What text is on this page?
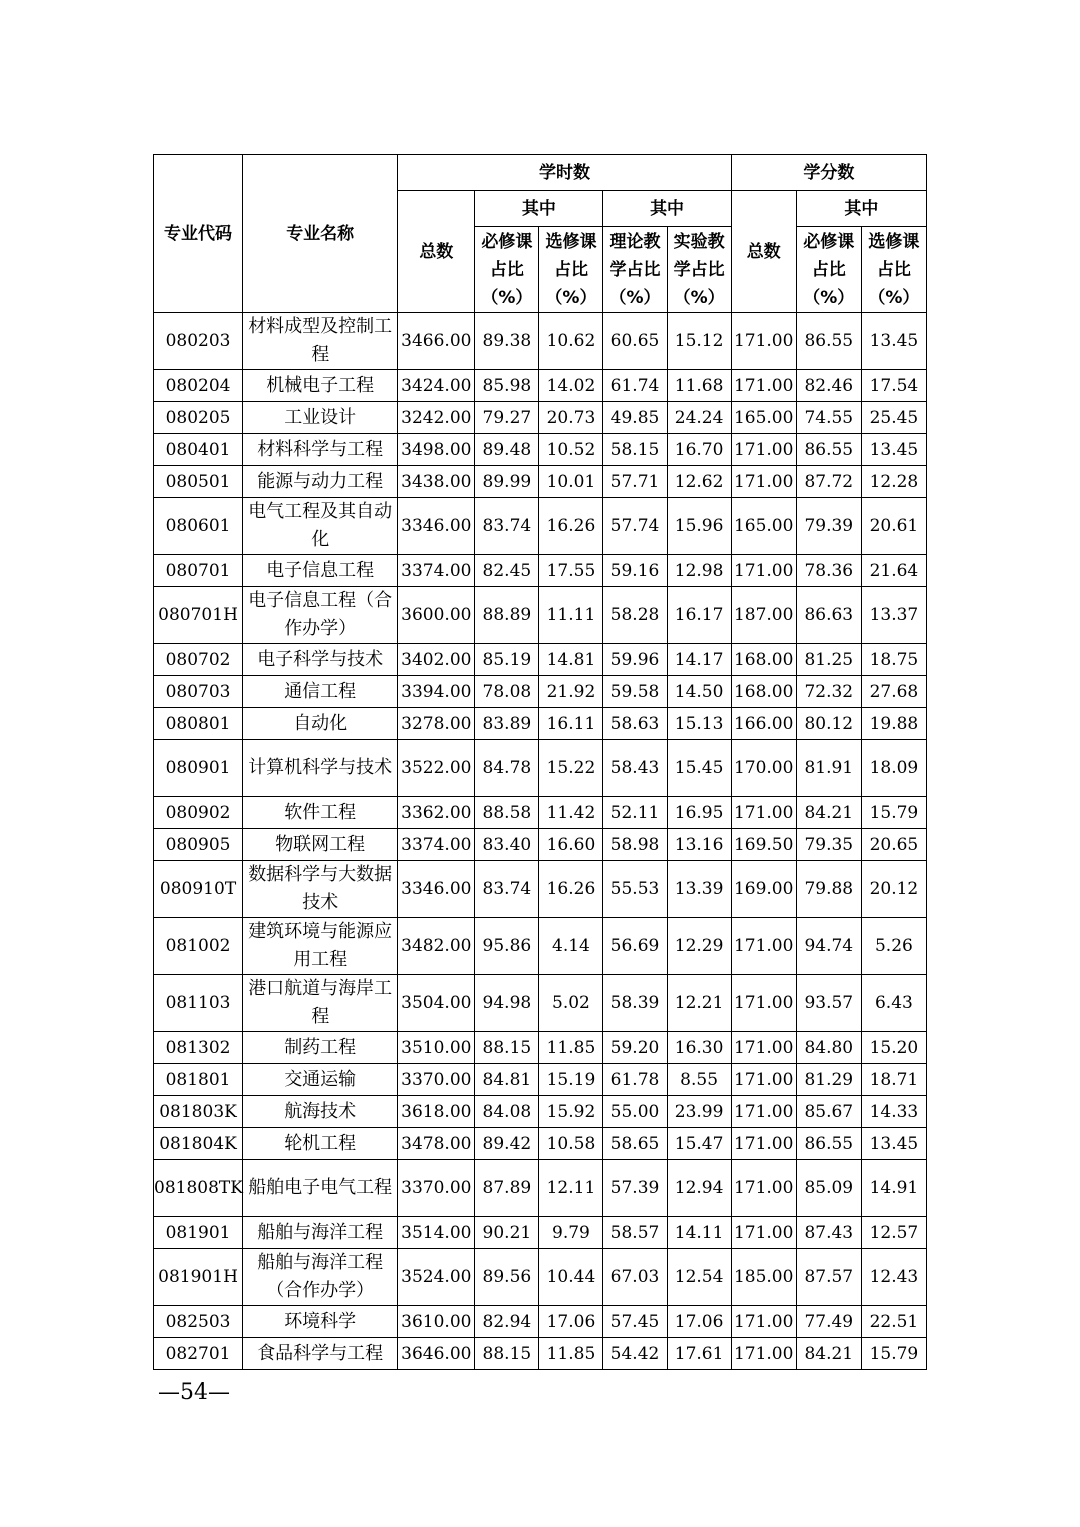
专业代码	专业名称	学时数					学分数		
		总数	其中		其中		总数	其中	
			必修课占比（%）	选修课占比（%）	理论教学占比（%）	实验教学占比（%）		必修课占比（%）	选修课占比（%）
080203	材料成型及控制工程	3466.00	89.38	10.62	60.65	15.12	171.00	86.55	13.45
080204	机械电子工程	3424.00	85.98	14.02	61.74	11.68	171.00	82.46	17.54
080205	工业设计	3242.00	79.27	20.73	49.85	24.24	165.00	74.55	25.45
080401	材料科学与工程	3498.00	89.48	10.52	58.15	16.70	171.00	86.55	13.45
080501	能源与动力工程	3438.00	89.99	10.01	57.71	12.62	171.00	87.72	12.28
080601	电气工程及其自动化	3346.00	83.74	16.26	57.74	15.96	165.00	79.39	20.61
080701	电子信息工程	3374.00	82.45	17.55	59.16	12.98	171.00	78.36	21.64
080701H	电子信息工程（合作办学）	3600.00	88.89	11.11	58.28	16.17	187.00	86.63	13.37
080702	电子科学与技术	3402.00	85.19	14.81	59.96	14.17	168.00	81.25	18.75
080703	通信工程	3394.00	78.08	21.92	59.58	14.50	168.00	72.32	27.68
080801	自动化	3278.00	83.89	16.11	58.63	15.13	166.00	80.12	19.88
080901	计算机科学与技术	3522.00	84.78	15.22	58.43	15.45	170.00	81.91	18.09
080902	软件工程	3362.00	88.58	11.42	52.11	16.95	171.00	84.21	15.79
080905	物联网工程	3374.00	83.40	16.60	58.98	13.16	169.50	79.35	20.65
080910T	数据科学与大数据技术	3346.00	83.74	16.26	55.53	13.39	169.00	79.88	20.12
081002	建筑环境与能源应用工程	3482.00	95.86	4.14	56.69	12.29	171.00	94.74	5.26
081103	港口航道与海岸工程	3504.00	94.98	5.02	58.39	12.21	171.00	93.57	6.43
081302	制药工程	3510.00	88.15	11.85	59.20	16.30	171.00	84.80	15.20
081801	交通运输	3370.00	84.81	15.19	61.78	8.55	171.00	81.29	18.71
081803K	航海技术	3618.00	84.08	15.92	55.00	23.99	171.00	85.67	14.33
081804K	轮机工程	3478.00	89.42	10.58	58.65	15.47	171.00	86.55	13.45
081808TK	船舶电子电气工程	3370.00	87.89	12.11	57.39	12.94	171.00	85.09	14.91
081901	船舶与海洋工程	3514.00	90.21	9.79	58.57	14.11	171.00	87.43	12.57
081901H	船舶与海洋工程（合作办学）	3524.00	89.56	10.44	67.03	12.54	185.00	87.57	12.43
082503	环境科学	3610.00	82.94	17.06	57.45	17.06	171.00	77.49	22.51
082701	食品科学与工程	3646.00	88.15	11.85	54.42	17.61	171.00	84.21	15.79
—54—
